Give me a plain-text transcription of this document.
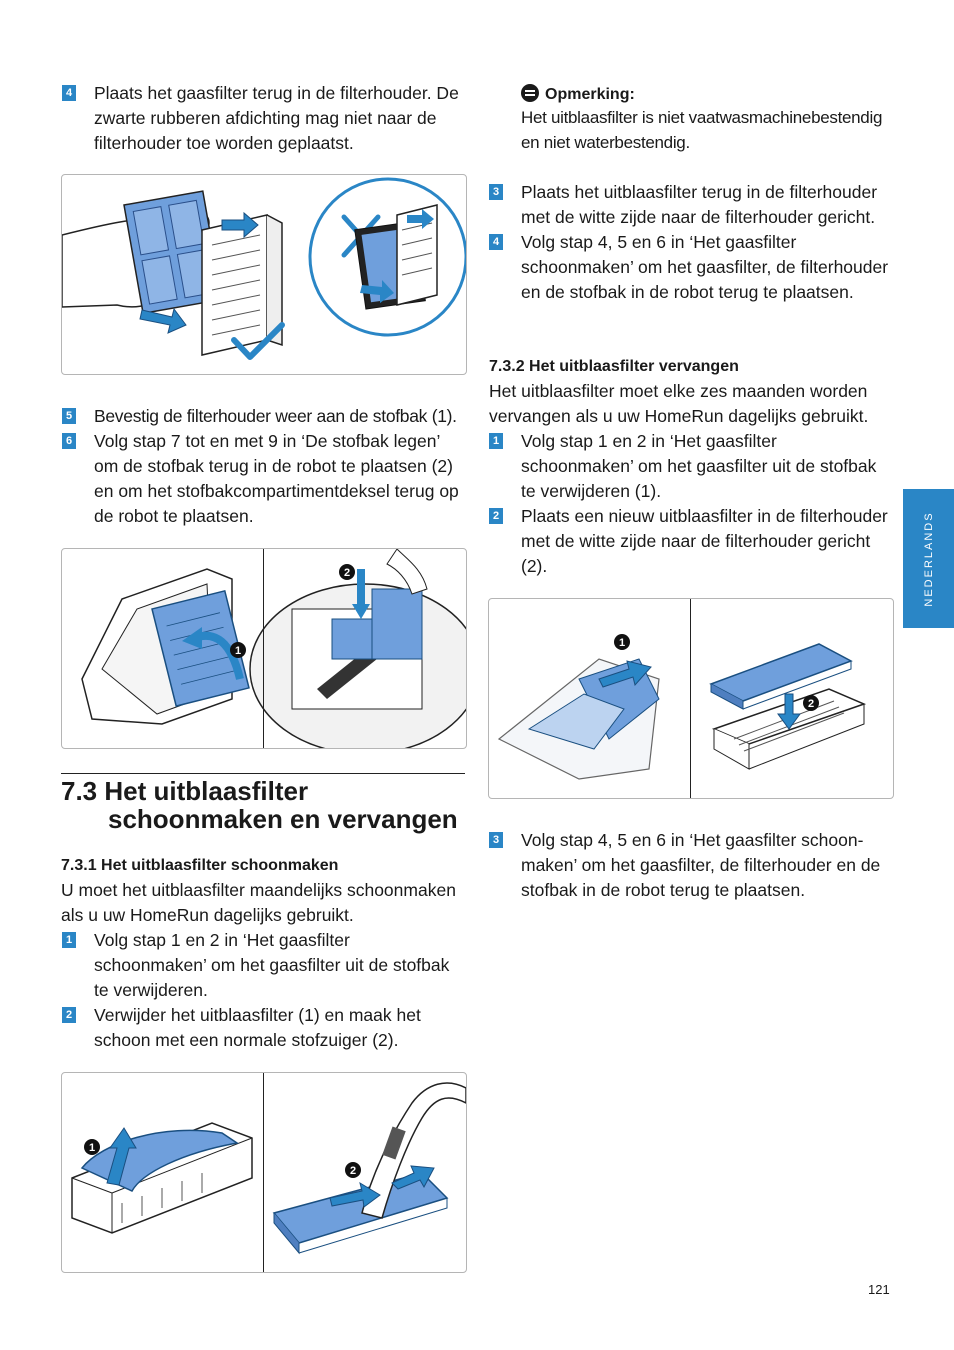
4 Plaats het gaasfilter terug in de filterhouder. De zwarte rubberen afdichting mag niet naar de filterhouder toe worden geplaatst.
5 Bevestig de filterhouder weer aan de stofbak (1).
6 Volg stap 7 tot en met 9 in ‘De stofbak legen’ om de stofbak terug in de robot te plaatsen (2) en om het stofbakcompartimentdeksel terug op de robot te plaatsen.
1
2
7.3 Het uitblaasfilter
schoonmaken en vervangen
7.3.1 Het uitblaasfilter schoonmaken
U moet het uitblaasfilter maandelijks schoonmaken als u uw HomeRun dagelijks gebruikt.
1 Volg stap 1 en 2 in ‘Het gaasfilter schoonmaken’ om het gaasfilter uit de stofbak te verwijderen.
2 Verwijder het uitblaasfilter (1) en maak het schoon met een normale stofzuiger (2).
1
2
Opmerking:
Het uitblaasfilter is niet vaatwasmachinebestendig en niet waterbestendig.
3 Plaats het uitblaasfilter terug in de filterhouder met de witte zijde naar de filterhouder gericht.
4 Volg stap 4, 5 en 6 in ‘Het gaasfilter schoonmaken’ om het gaasfilter, de filterhouder en de stofbak in de robot terug te plaatsen.
7.3.2 Het uitblaasfilter vervangen
Het uitblaasfilter moet elke zes maanden worden vervangen als u uw HomeRun dagelijks gebruikt.
1 Volg stap 1 en 2 in ‘Het gaasfilter schoonmaken’ om het gaasfilter uit de stofbak te verwijderen (1).
2 Plaats een nieuw uitblaasfilter in de filterhouder met de witte zijde naar de filterhouder gericht (2).
1
2
3 Volg stap 4, 5 en 6 in ‘Het gaasfilter schoon-maken’ om het gaasfilter, de filterhouder en de stofbak in de robot terug te plaatsen.
NEDERLANDS
121
